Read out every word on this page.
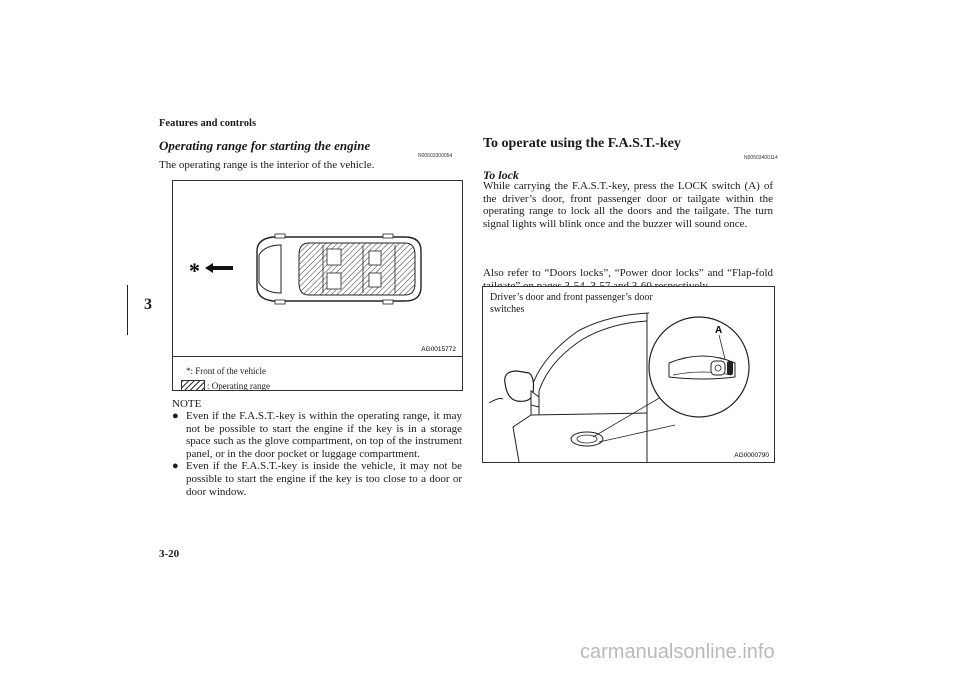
Features and controls
3
Operating range for starting the engine
N00503300054
The operating range is the interior of the vehicle.
*
AG0015772
*: Front of the vehicle
: Operating range
NOTE
● Even if the F.A.S.T.-key is within the operating range, it may not be possible to start the engine if the key is in a storage space such as the glove compartment, on top of the instrument panel, or in the door pocket or luggage compartment.
● Even if the F.A.S.T.-key is inside the vehicle, it may not be possible to start the engine if the key is too close to a door or door window.
To operate using the F.A.S.T.-key
N00503400114
To lock
While carrying the F.A.S.T.-key, press the LOCK switch (A) of the driver’s door, front passenger door or tailgate within the operating range to lock all the doors and the tailgate. The turn signal lights will blink once and the buzzer will sound once.
Also refer to “Doors locks”, “Power door locks” and “Flap-fold
A
AG0000790
Driver’s door and front passenger’s door switches
3-20
carmanualsonline.info
